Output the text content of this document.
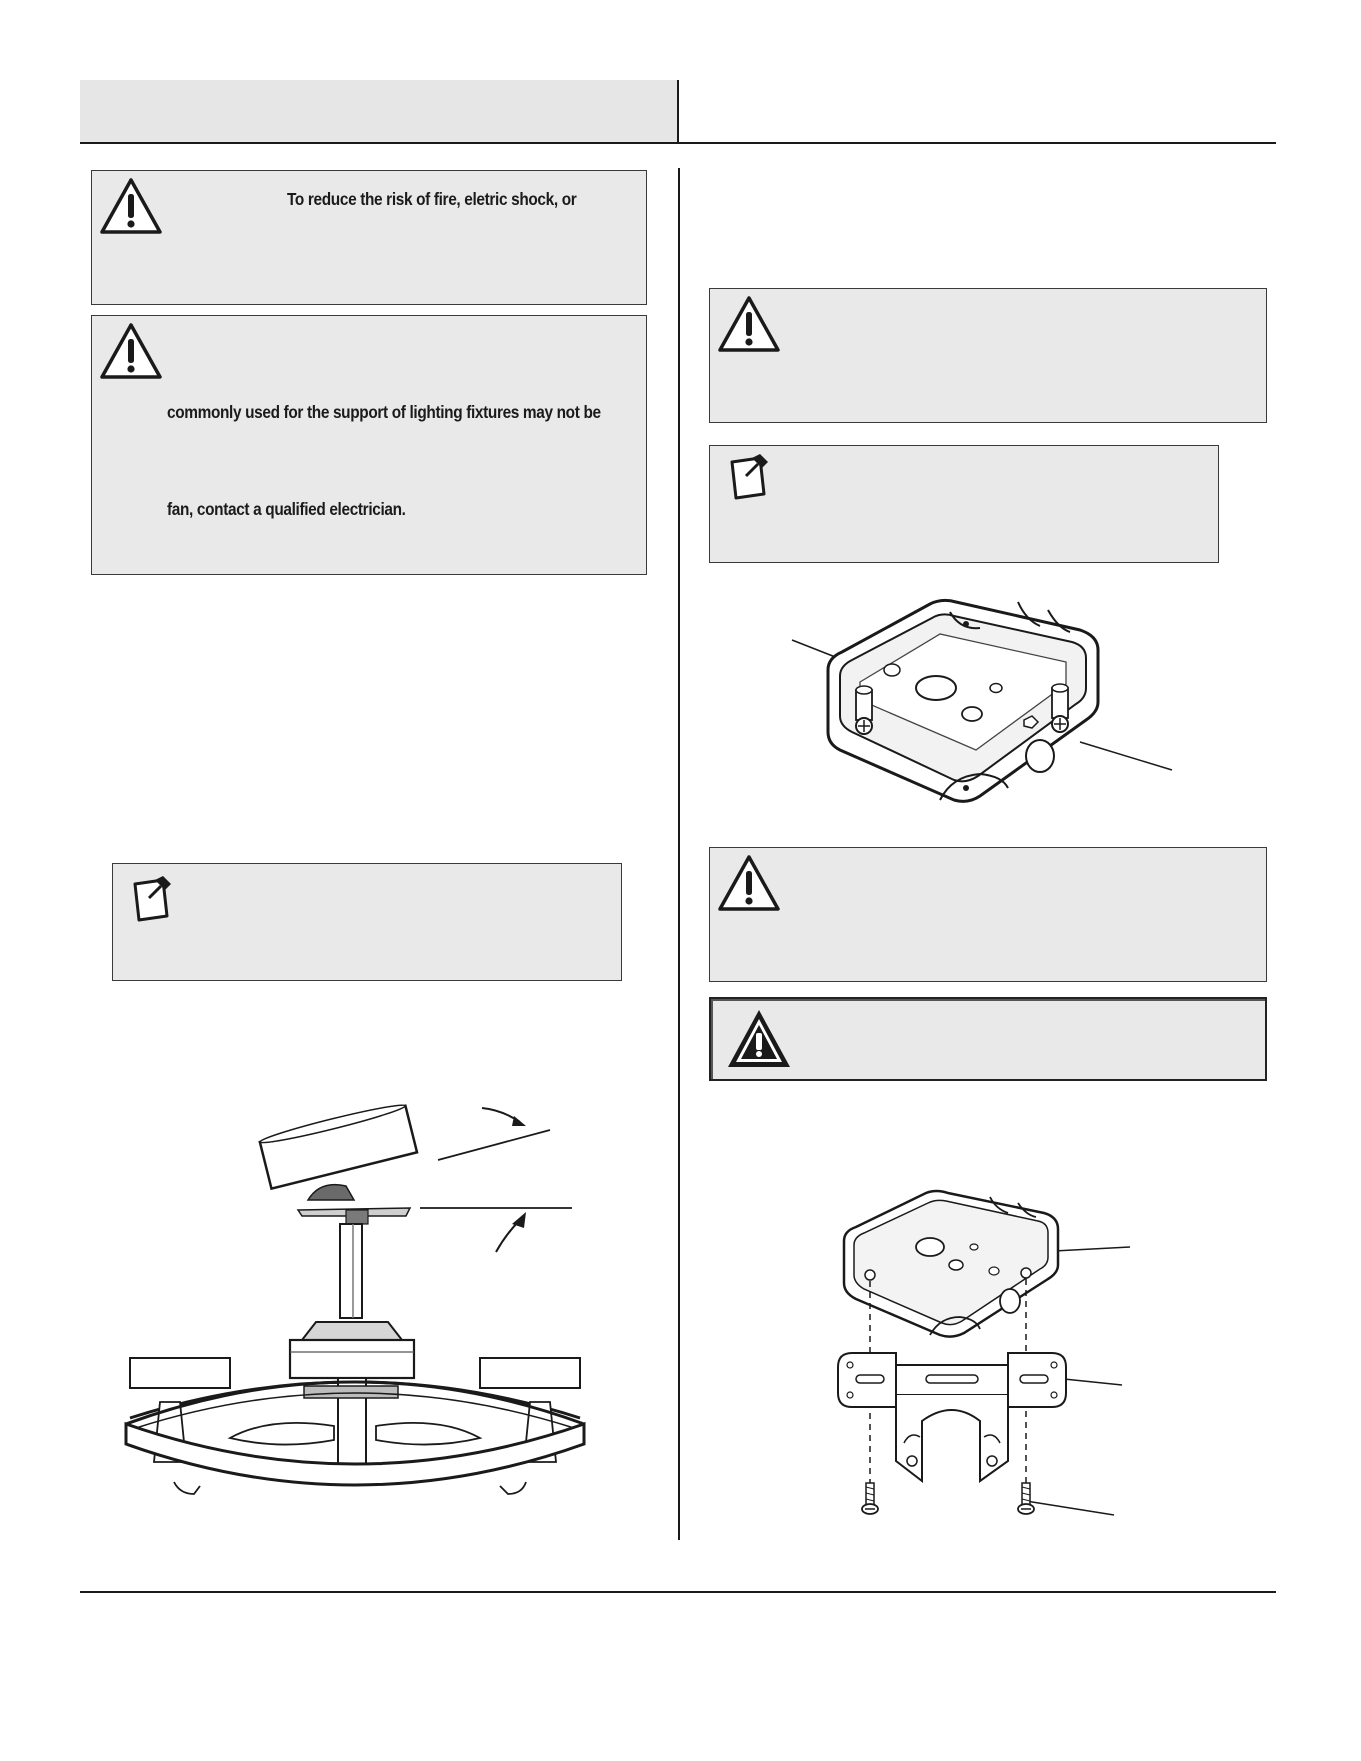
To reduce the risk of fire, eletric shock, or
commonly used for the support of lighting fixtures may not be
fan, contact a qualified electrician.
